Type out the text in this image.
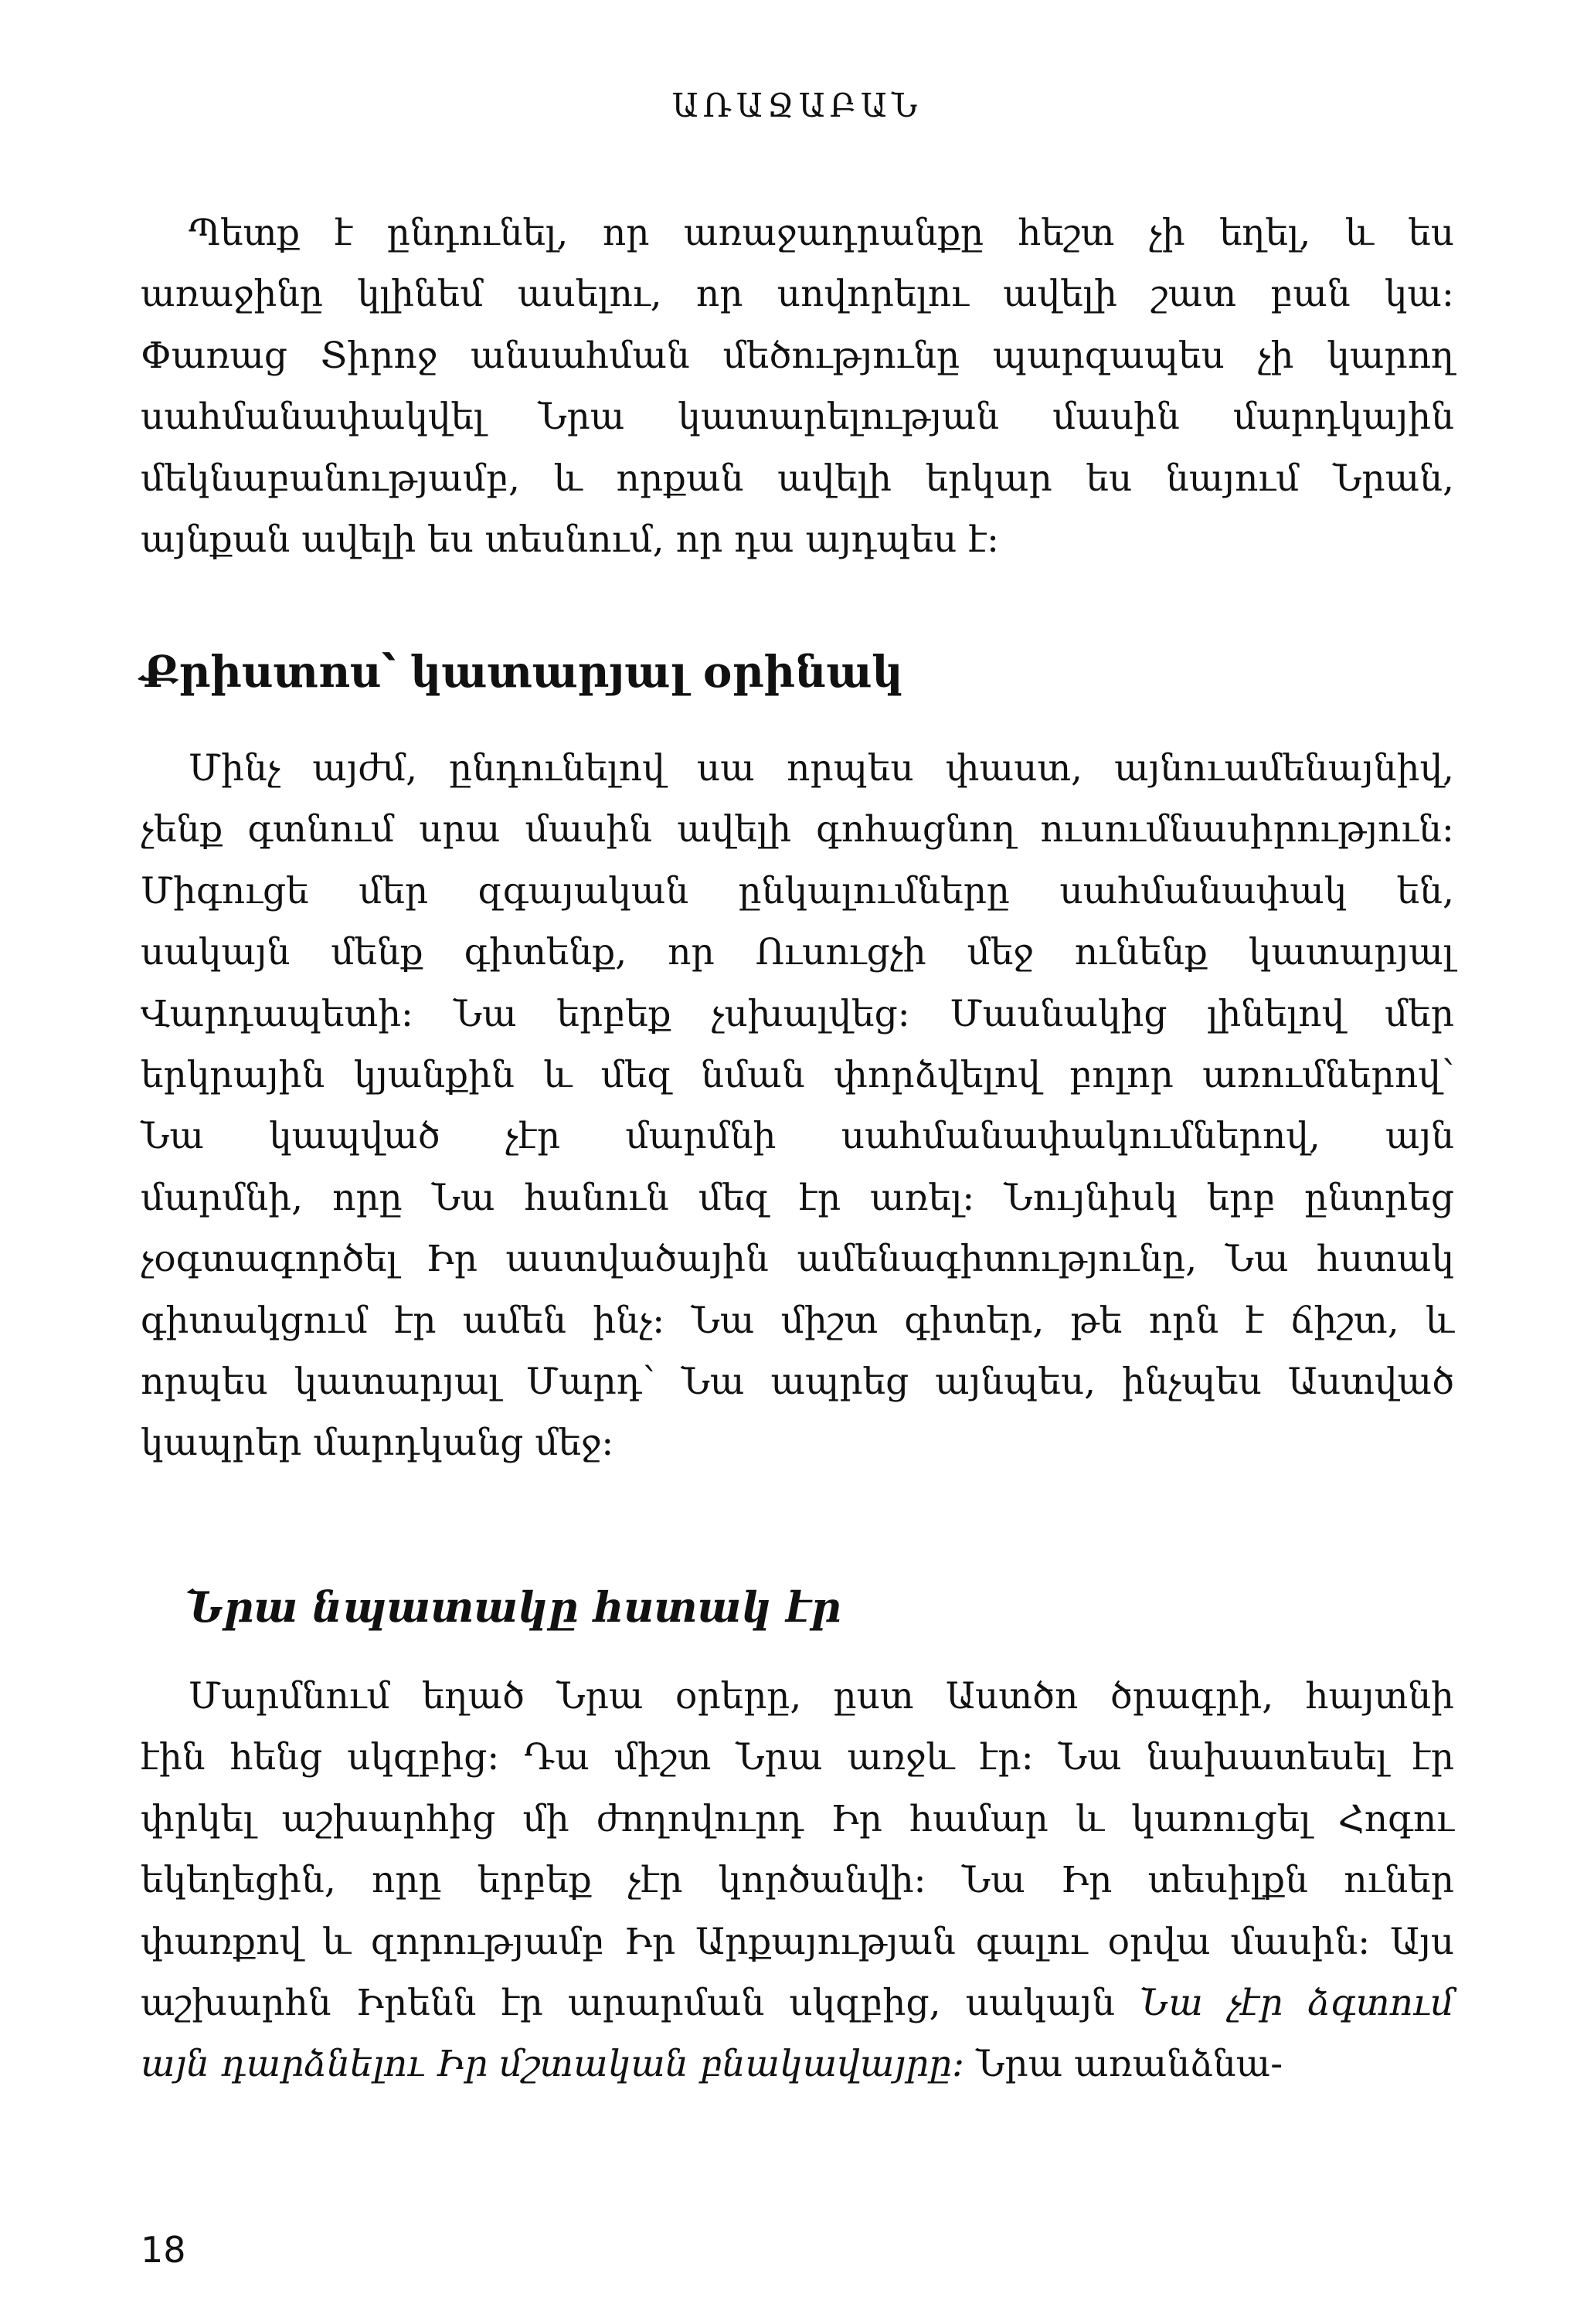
ԱՌԱՋԱԲԱՆ
Պետք է ընդունել, որ առաջադրանքը հեշտ չի եղել, և ես
առաջինը կլինեմ ասելու, որ սովորելու ավելի շատ բան կա։
Փառաց Տիրոջ անսահման մեծությունը պարզապես չի կարող
սահմանափակվել Նրա կատարելության մասին մարդկային
մեկնաբանությամբ, և որքան ավելի երկար ես նայում Նրան,
այնքան ավելի ես տեսնում, որ դա այդպես է։
Քրիստոս՝ կատարյալ օրինակ
Մինչ այժմ, ընդունելով սա որպես փաստ, այնուամենայնիվ,
չենք գտնում սրա մասին ավելի գոհացնող ուսումնասիրություն։
Միգուցե մեր զգայական ընկալումները սահմանափակ են,
սակայն մենք գիտենք, որ Ուսուցչի մեջ ունենք կատարյալ
Վարդապետի։ Նա երբեք չսխալվեց։ Մասնակից լինելով մեր
երկրային կյանքին և մեզ նման փորձվելով բոլոր առումներով՝
Նա կապված չէր մարմնի սահմանափակումներով, այն
մարմնի, որը Նա հանուն մեզ էր առել։ Նույնիսկ երբ ընտրեց
չօգտագործել Իր աստվածային ամենագիտությունը, Նա հստակ
գիտակցում էր ամեն ինչ։ Նա միշտ գիտեր, թե որն է ճիշտ, և
որպես կատարյալ Մարդ՝ Նա ապրեց այնպես, ինչպես Աստված
կապրեր մարդկանց մեջ։
Նրա նպատակը հստակ էր
Մարմնում եղած Նրա օրերը, ըստ Աստծո ծրագրի, հայտնի
էին հենց սկզբից։ Դա միշտ Նրա առջև էր։ Նա նախատեսել էր
փրկել աշխարհից մի ժողովուրդ Իր համար և կառուցել Հոգու
եկեղեցին, որը երբեք չէր կործանվի։ Նա Իր տեսիլքն ուներ
փառքով և զորությամբ Իր Արքայության գալու օրվա մասին։ Այս
աշխարհն Իրենն էր արարման սկզբից, սակայն Նա չէր ձգտում
այն դարձնելու Իր մշտական բնակավայրը։ Նրա առանձնա-
18
